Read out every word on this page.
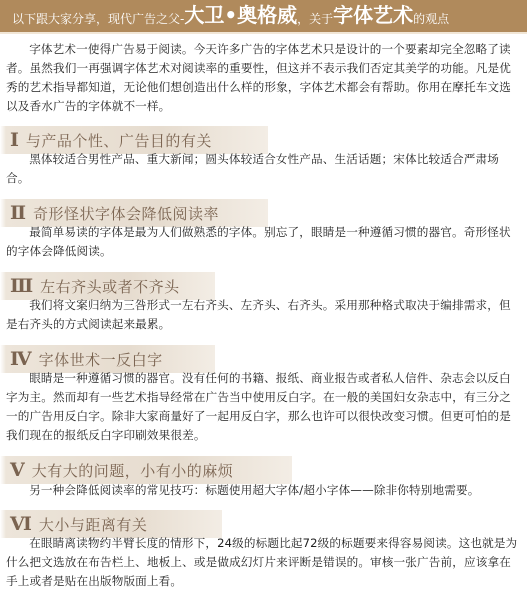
以下跟大家分享，现代广告之父- 大卫 • 奥格威 ，关于 字体艺术 的观点

字体艺术一使得广告易于阅读。今天许多广告的字体艺术只是设计的一个要素却完全忽略了读者。虽然我们一再强调字体艺术对阅读率的重要性，但这并不表示我们否定其美学的功能。凡是优秀的艺术指导都知道，无论他们想创造出什么样的形象，字体艺术都会有帮助。你用在摩托车文选以及香水广告的字体就不一样。

Ⅰ 与产品个性、广告目的有关

黑体较适合男性产品、重大新闻；圆头体较适合女性产品、生活话题；宋体比较适合严肃场合。

Ⅱ 奇形怪状字体会降低阅读率

最简单易读的字体是最为人们做熟悉的字体。别忘了，眼睛是一种遵循习惯的器官。奇形怪状的字体会降低阅读。

Ⅲ 左右齐头或者不齐头

我们将文案归纳为三咎形式一左右齐头、左齐头、右齐头。采用那种格式取决于编排需求，但是右齐头的方式阅读起来最累。

Ⅳ 字体世术一反白字

眼睛是一种遵循习惯的器官。没有任何的书籍、报纸、商业报告或者私人信件、杂志会以反白字为主。然而却有一些艺术指导经常在广告当中使用反白字。在一般的美国妇女杂志中，有三分之一的广告用反白字。除非大家商量好了一起用反白字，那么也许可以很快改变习惯。但更可怕的是我们现在的报纸反白字印刷效果很差。

Ⅴ 大有大的问题，小有小的麻烦

另一种会降低阅读率的常见技巧：标题使用超大字体/超小字体——除非你特别地需要。

Ⅵ 大小与距离有关

在眼睛离读物约半臂长度的情形下，24级的标题比起72级的标题要来得容易阅读。这也就是为什么把文选放在布告栏上、地板上、或是做成幻灯片来评断是错误的。审核一张广告前，应该拿在手上或者是贴在出版物版面上看。
